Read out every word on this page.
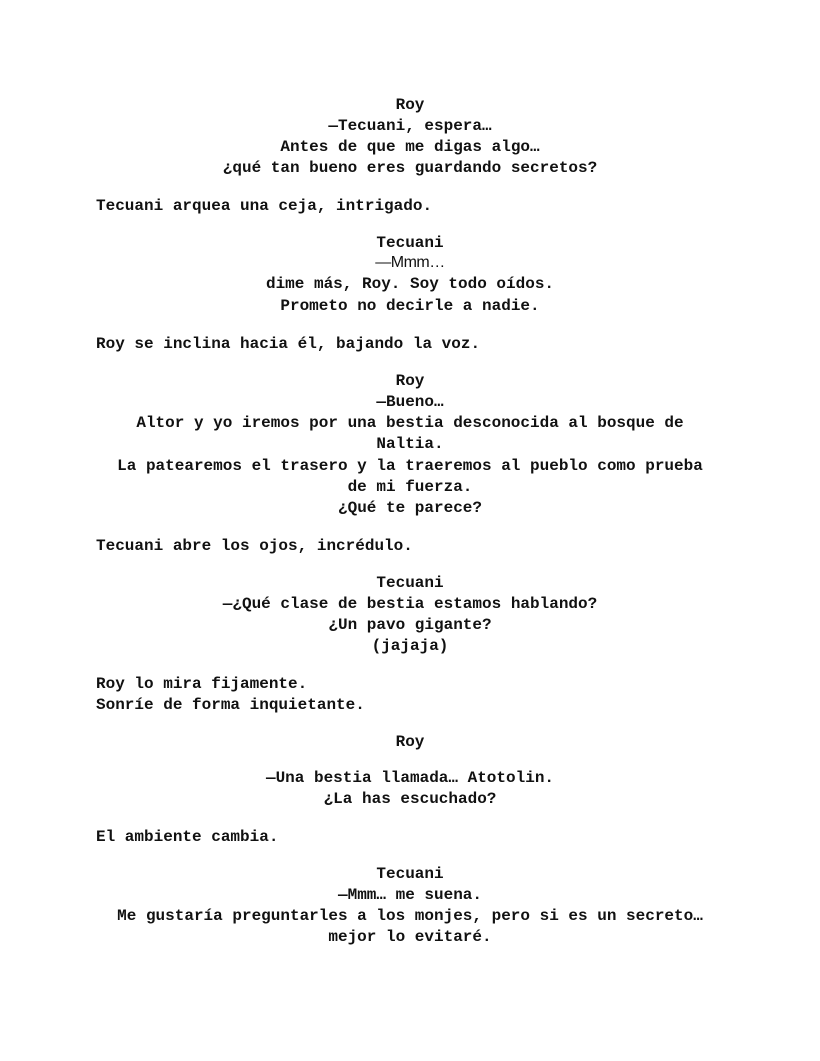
Roy
—Tecuani, espera…
Antes de que me digas algo…
¿qué tan bueno eres guardando secretos?
Tecuani arquea una ceja, intrigado.
Tecuani
—Mmm…
dime más, Roy. Soy todo oídos.
Prometo no decirle a nadie.
Roy se inclina hacia él, bajando la voz.
Roy
—Bueno…
Altor y yo iremos por una bestia desconocida al bosque de
Naltia.
La patearemos el trasero y la traeremos al pueblo como prueba
de mi fuerza.
¿Qué te parece?
Tecuani abre los ojos, incrédulo.
Tecuani
—¿Qué clase de bestia estamos hablando?
¿Un pavo gigante?
(jajaja)
Roy lo mira fijamente.
Sonríe de forma inquietante.
Roy
—Una bestia llamada… Atotolin.
¿La has escuchado?
El ambiente cambia.
Tecuani
—Mmm… me suena.
Me gustaría preguntarles a los monjes, pero si es un secreto…
mejor lo evitaré.
